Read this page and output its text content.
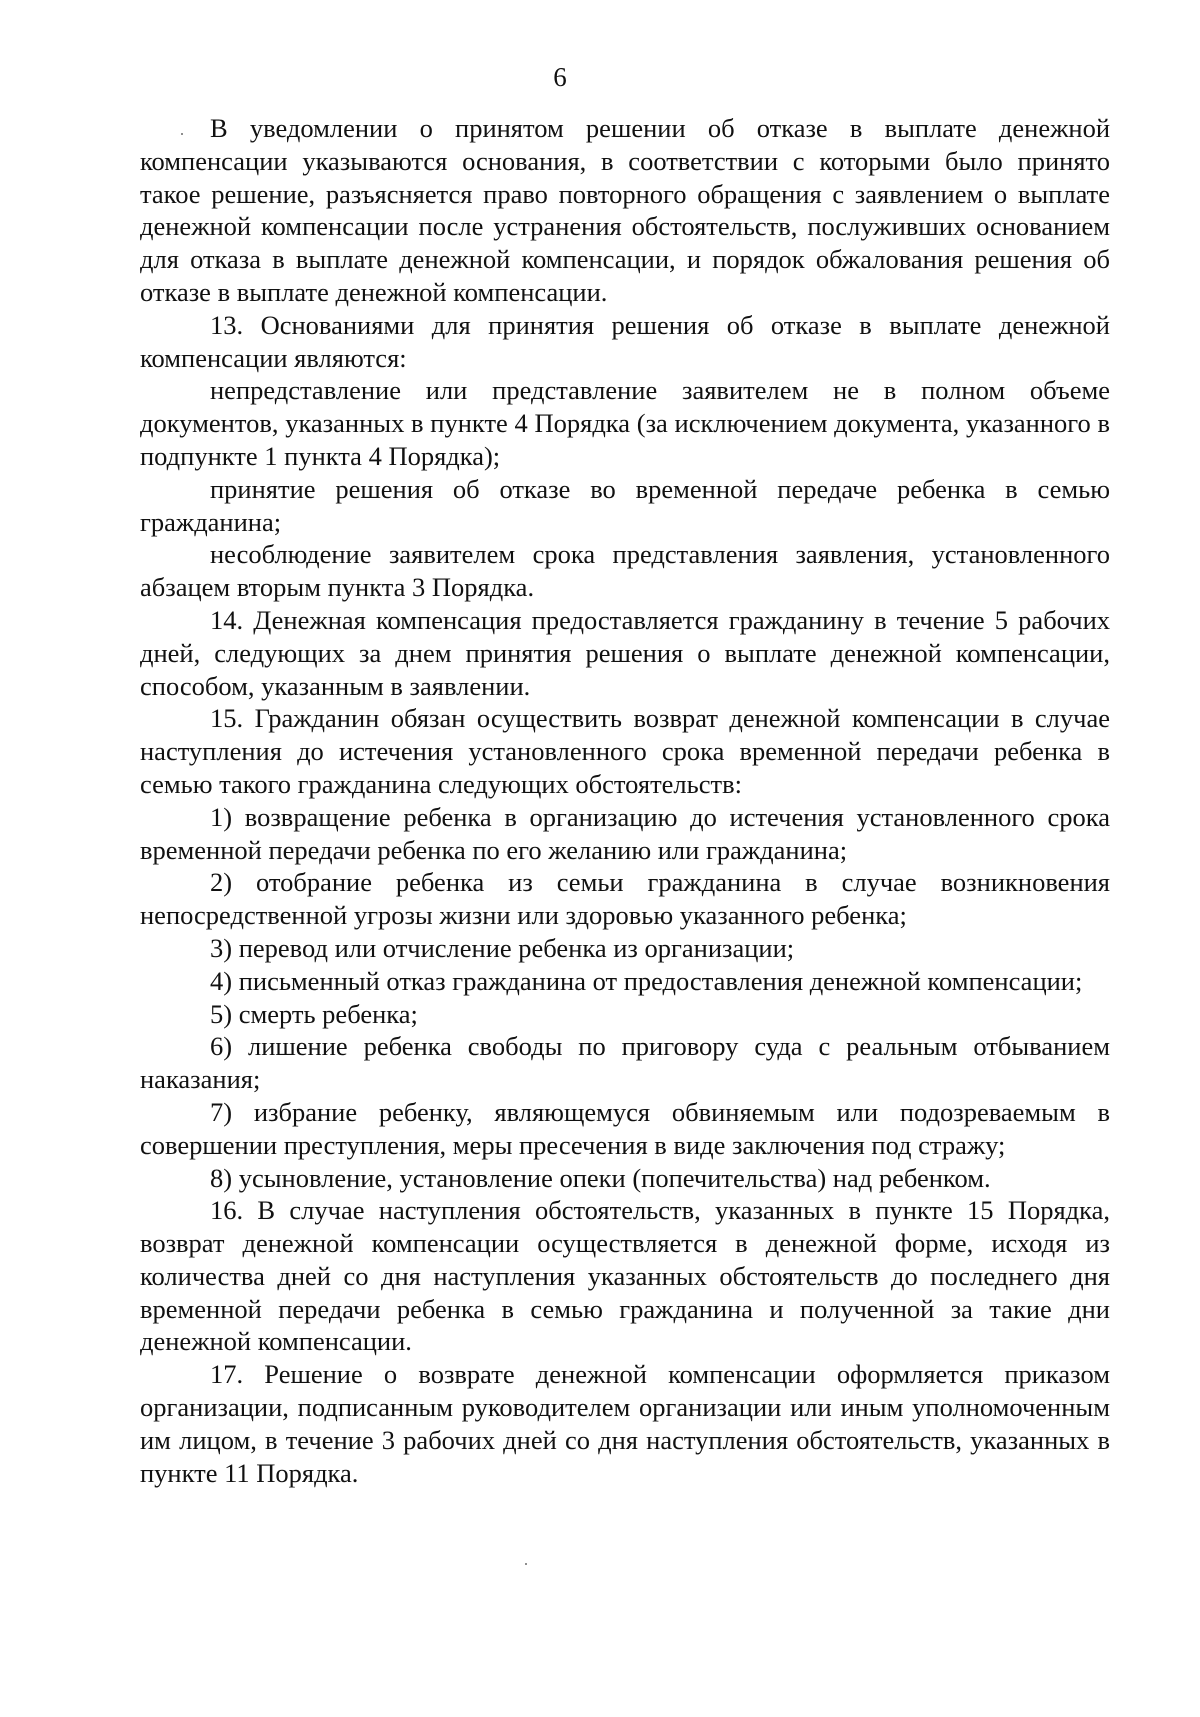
6

В уведомлении о принятом решении об отказе в выплате денежной компенсации указываются основания, в соответствии с которыми было принято такое решение, разъясняется право повторного обращения с заявлением о выплате денежной компенсации после устранения обстоятельств, послуживших основанием для отказа в выплате денежной компенсации, и порядок обжалования решения об отказе в выплате денежной компенсации.

13. Основаниями для принятия решения об отказе в выплате денежной компенсации являются:

непредставление или представление заявителем не в полном объеме документов, указанных в пункте 4 Порядка (за исключением документа, указанного в подпункте 1 пункта 4 Порядка);

принятие решения об отказе во временной передаче ребенка в семью гражданина;

несоблюдение заявителем срока представления заявления, установленного абзацем вторым пункта 3 Порядка.

14. Денежная компенсация предоставляется гражданину в течение 5 рабочих дней, следующих за днем принятия решения о выплате денежной компенсации, способом, указанным в заявлении.

15. Гражданин обязан осуществить возврат денежной компенсации в случае наступления до истечения установленного срока временной передачи ребенка в семью такого гражданина следующих обстоятельств:

1) возвращение ребенка в организацию до истечения установленного срока временной передачи ребенка по его желанию или гражданина;

2) отобрание ребенка из семьи гражданина в случае возникновения непосредственной угрозы жизни или здоровью указанного ребенка;

3) перевод или отчисление ребенка из организации;

4) письменный отказ гражданина от предоставления денежной компенсации;

5) смерть ребенка;

6) лишение ребенка свободы по приговору суда с реальным отбыванием наказания;

7) избрание ребенку, являющемуся обвиняемым или подозреваемым в совершении преступления, меры пресечения в виде заключения под стражу;

8) усыновление, установление опеки (попечительства) над ребенком.

16. В случае наступления обстоятельств, указанных в пункте 15 Порядка, возврат денежной компенсации осуществляется в денежной форме, исходя из количества дней со дня наступления указанных обстоятельств до последнего дня временной передачи ребенка в семью гражданина и полученной за такие дни денежной компенсации.

17. Решение о возврате денежной компенсации оформляется приказом организации, подписанным руководителем организации или иным уполномоченным им лицом, в течение 3 рабочих дней со дня наступления обстоятельств, указанных в пункте 11 Порядка.
